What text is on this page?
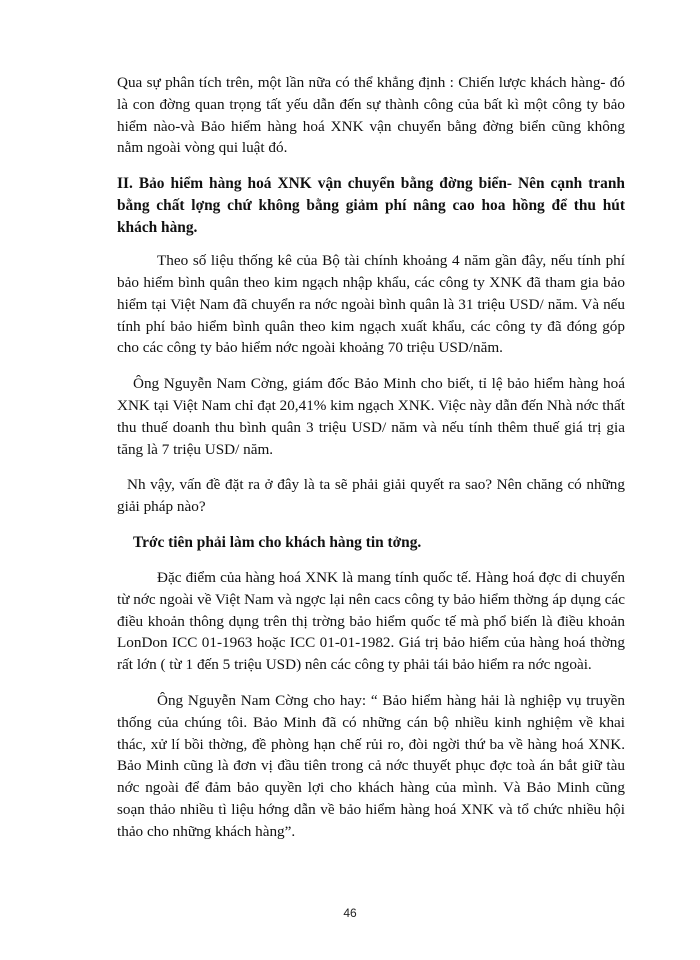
Qua sự phân tích trên, một lần nữa có thể khẳng định : Chiến lược khách hàng- đó là con đờng quan trọng tất yếu dẫn đến sự thành công của bất kì một công ty bảo hiểm nào-và Bảo hiểm hàng hoá XNK vận chuyển bằng đờng biển cũng không nằm ngoài vòng qui luật đó.

II. Bảo hiểm hàng hoá XNK vận chuyển bằng đờng biển- Nên cạnh tranh bằng chất lợng chứ không bằng giảm phí nâng cao hoa hồng để thu hút khách hàng.

Theo số liệu thống kê của Bộ tài chính khoảng 4 năm gần đây, nếu tính phí bảo hiểm bình quân theo kim ngạch nhập khẩu, các công ty XNK đã tham gia bảo hiểm tại Việt Nam đã chuyển ra nớc ngoài bình quân là 31 triệu USD/ năm. Và nếu tính phí bảo hiểm bình quân theo kim ngạch xuất khẩu, các công ty đã đóng góp cho các công ty bảo hiểm nớc ngoài khoảng 70 triệu USD/năm.

Ông Nguyễn Nam Cờng, giám đốc Bảo Minh cho biết, tỉ lệ bảo hiểm hàng hoá XNK tại Việt Nam chỉ đạt 20,41% kim ngạch XNK. Việc này dẫn đến Nhà nớc thất thu thuế doanh thu bình quân 3 triệu USD/ năm và nếu tính thêm thuế giá trị gia tăng là 7 triệu USD/ năm.

Nh vậy, vấn đề đặt ra ở đây là ta sẽ phải giải quyết ra sao? Nên chăng có những giải pháp nào?

Trớc tiên phải làm cho khách hàng tin tởng.

Đặc điểm của hàng hoá XNK là mang tính quốc tế. Hàng hoá đợc di chuyển từ nớc ngoài về Việt Nam và ngợc lại nên cacs công ty bảo hiểm thờng áp dụng các điều khoản thông dụng trên thị trờng bảo hiểm quốc tế mà phổ biến là điều khoản LonDon ICC 01-1963 hoặc ICC 01-01-1982. Giá trị bảo hiểm của hàng hoá thờng rất lớn ( từ 1 đến 5 triệu USD) nên các công ty phải tái bảo hiểm ra nớc ngoài.

Ông Nguyễn Nam Cờng cho hay: “ Bảo hiểm hàng hải là nghiệp vụ truyền thống của chúng tôi. Bảo Minh đã có những cán bộ nhiều kinh nghiệm về khai thác, xử lí bồi thờng, đề phòng hạn chế rủi ro, đòi ngời thứ ba về hàng hoá XNK. Bảo Minh cũng là đơn vị đầu tiên trong cả nớc thuyết phục đợc toà án bắt giữ tàu nớc ngoài để đảm bảo quyền lợi cho khách hàng của mình. Và Bảo Minh cũng soạn thảo nhiều tì liệu hớng dẫn về bảo hiểm hàng hoá XNK và tổ chức nhiều hội thảo cho những khách hàng”.

46
